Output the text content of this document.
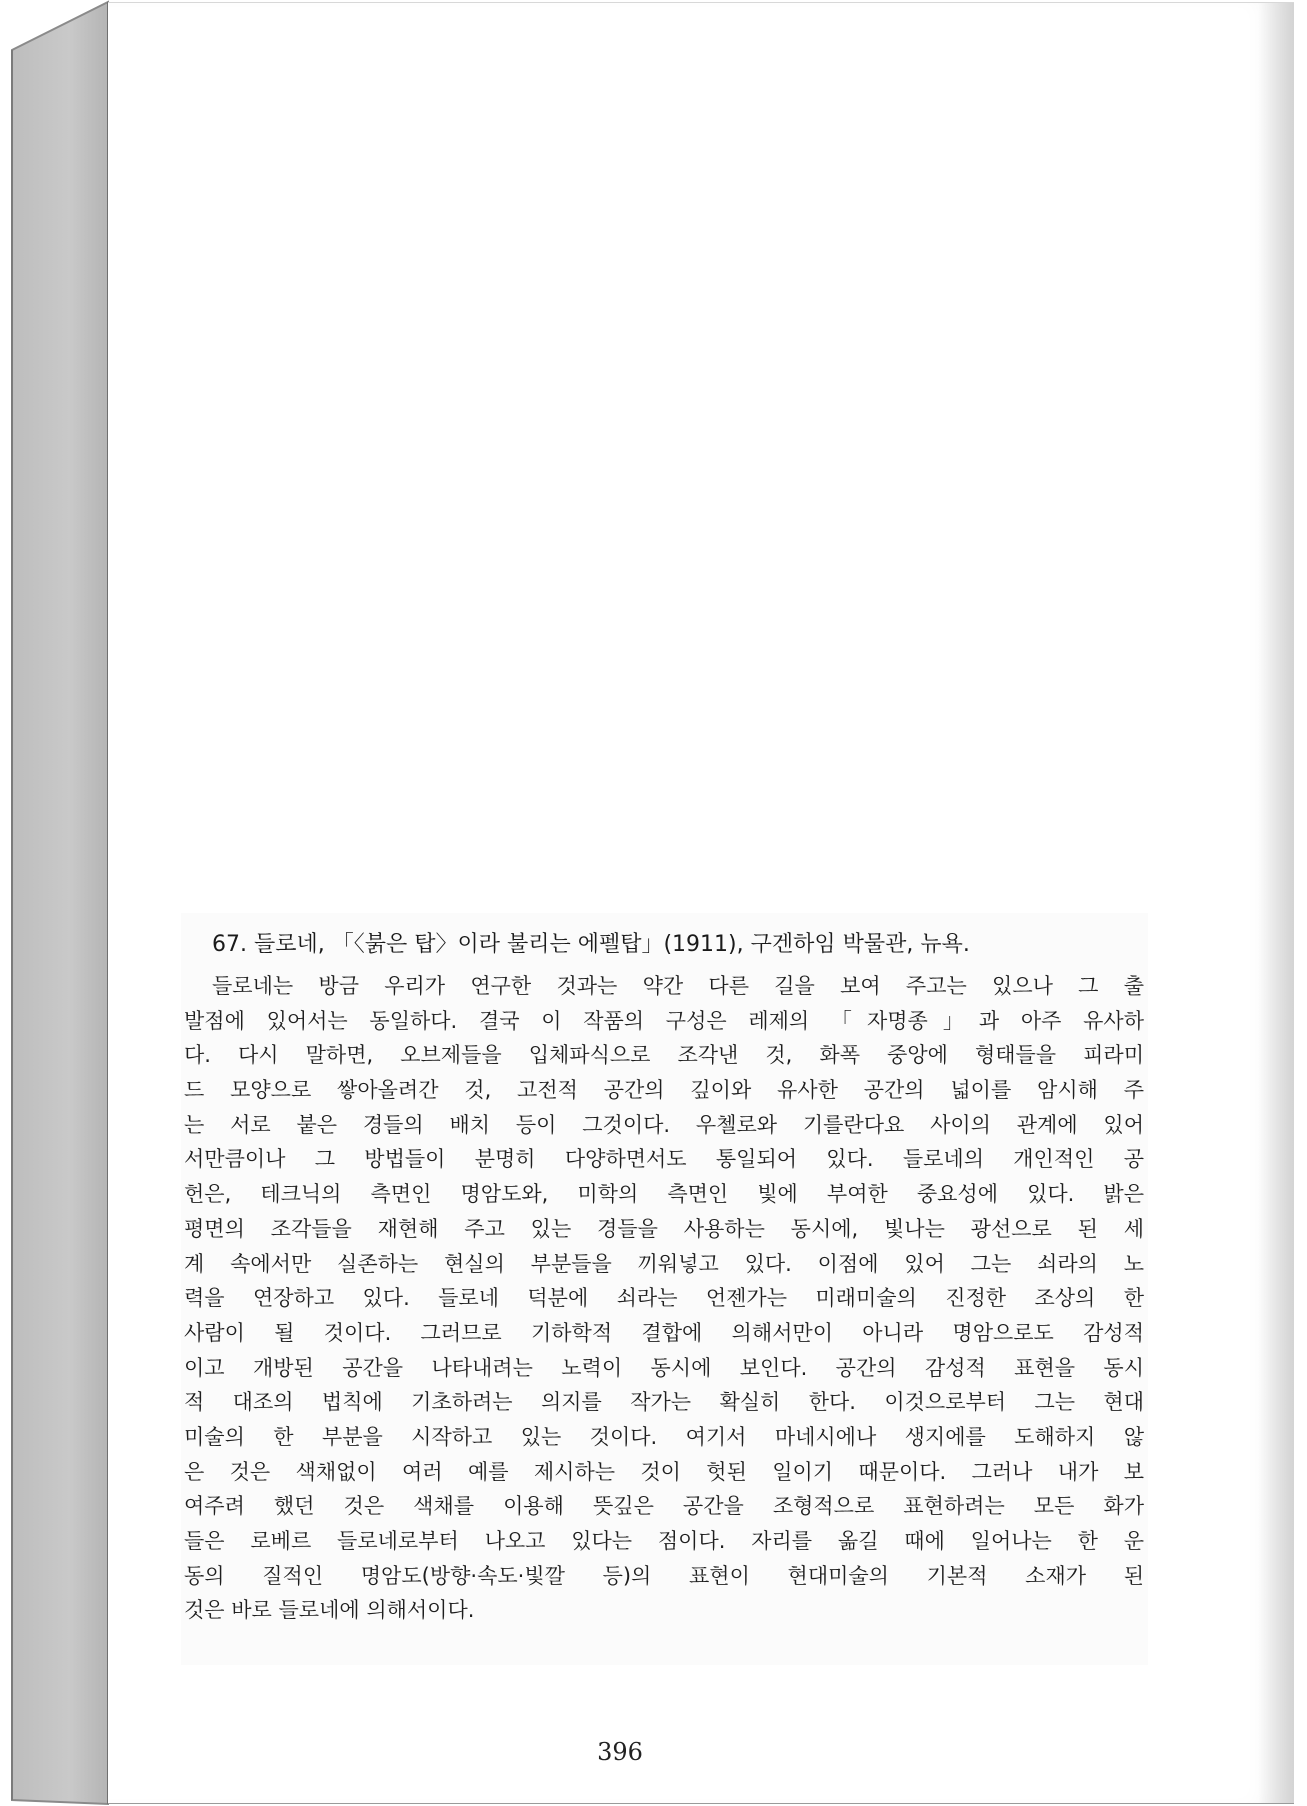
67. 들로네, 「〈붉은 탑〉이라 불리는 에펠탑」(1911), 구겐하임 박물관, 뉴욕.
들로네는 방금 우리가 연구한 것과는 약간 다른 길을 보여 주고는 있으나 그 출
발점에 있어서는 동일하다. 결국 이 작품의 구성은 레제의 「자명종」과 아주 유사하
다. 다시 말하면, 오브제들을 입체파식으로 조각낸 것, 화폭 중앙에 형태들을 피라미
드 모양으로 쌓아올려간 것, 고전적 공간의 깊이와 유사한 공간의 넓이를 암시해 주
는 서로 붙은 경들의 배치 등이 그것이다. 우첼로와 기를란다요 사이의 관계에 있어
서만큼이나 그 방법들이 분명히 다양하면서도 통일되어 있다. 들로네의 개인적인 공
헌은, 테크닉의 측면인 명암도와, 미학의 측면인 빛에 부여한 중요성에 있다. 밝은
평면의 조각들을 재현해 주고 있는 경들을 사용하는 동시에, 빛나는 광선으로 된 세
계 속에서만 실존하는 현실의 부분들을 끼워넣고 있다. 이점에 있어 그는 쇠라의 노
력을 연장하고 있다. 들로네 덕분에 쇠라는 언젠가는 미래미술의 진정한 조상의 한
사람이 될 것이다. 그러므로 기하학적 결합에 의해서만이 아니라 명암으로도 감성적
이고 개방된 공간을 나타내려는 노력이 동시에 보인다. 공간의 감성적 표현을 동시
적 대조의 법칙에 기초하려는 의지를 작가는 확실히 한다. 이것으로부터 그는 현대
미술의 한 부분을 시작하고 있는 것이다. 여기서 마네시에나 생지에를 도해하지 않
은 것은 색채없이 여러 예를 제시하는 것이 헛된 일이기 때문이다. 그러나 내가 보
여주려 했던 것은 색채를 이용해 뜻깊은 공간을 조형적으로 표현하려는 모든 화가
들은 로베르 들로네로부터 나오고 있다는 점이다. 자리를 옮길 때에 일어나는 한 운
동의 질적인 명암도(방향·속도·빛깔 등)의 표현이 현대미술의 기본적 소재가 된
것은 바로 들로네에 의해서이다.
396
